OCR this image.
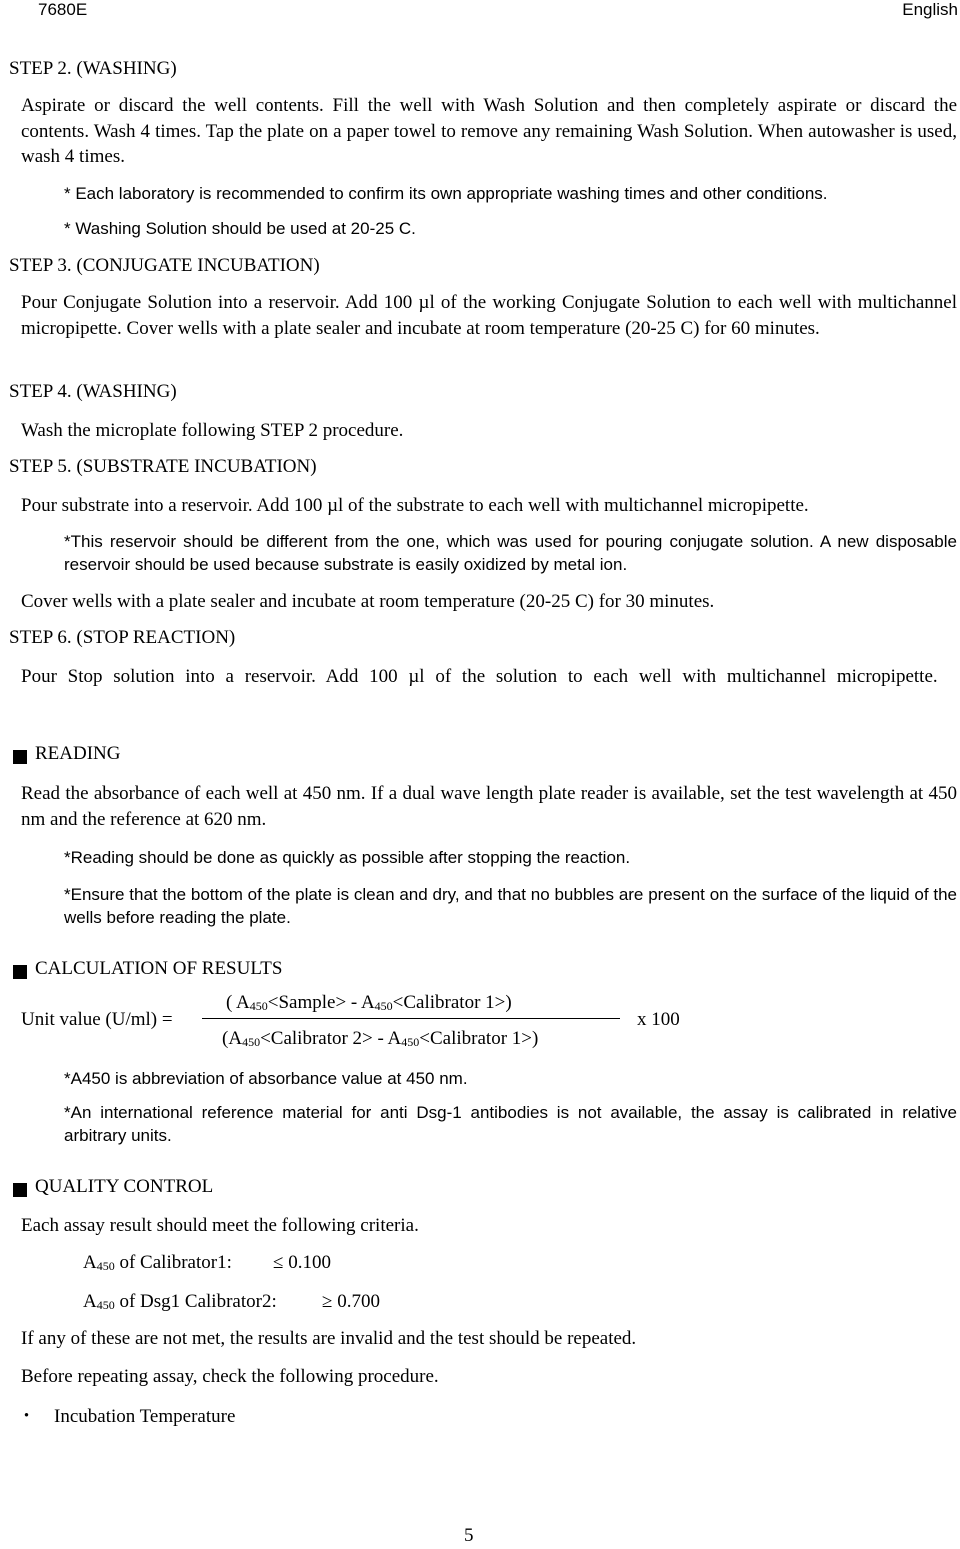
7680E	English
STEP 2. (WASHING)
Aspirate or discard the well contents. Fill the well with Wash Solution and then completely aspirate or discard the contents. Wash 4 times. Tap the plate on a paper towel to remove any remaining Wash Solution. When autowasher is used, wash 4 times.
* Each laboratory is recommended to confirm its own appropriate washing times and other conditions.
* Washing Solution should be used at 20-25 C.
STEP 3. (CONJUGATE INCUBATION)
Pour Conjugate Solution into a reservoir. Add 100 µl of the working Conjugate Solution to each well with multichannel micropipette. Cover wells with a plate sealer and incubate at room temperature (20-25 C) for 60 minutes.
STEP 4. (WASHING)
Wash the microplate following STEP 2 procedure.
STEP 5. (SUBSTRATE INCUBATION)
Pour substrate into a reservoir. Add 100 µl of the substrate to each well with multichannel micropipette.
*This reservoir should be different from the one, which was used for pouring conjugate solution. A new disposable reservoir should be used because substrate is easily oxidized by metal ion.
Cover wells with a plate sealer and incubate at room temperature (20-25 C) for 30 minutes.
STEP 6. (STOP REACTION)
Pour Stop solution into a reservoir. Add 100 µl of the solution to each well with multichannel micropipette.
READING
Read the absorbance of each well at 450 nm. If a dual wave length plate reader is available, set the test wavelength at 450 nm and the reference at 620 nm.
*Reading should be done as quickly as possible after stopping the reaction.
*Ensure that the bottom of the plate is clean and dry, and that no bubbles are present on the surface of the liquid of the wells before reading the plate.
CALCULATION OF RESULTS
Unit value (U/ml) =
( $A_{450}<Sample>$ - $A_{450}<Calibrator$ 1>)
($A_{450}<Calibrator$ $2> - A_{450}<Calibrator$ 1>)
x 100
*A450 is abbreviation of absorbance value at 450 nm.
*An international reference material for anti Dsg-1 antibodies is not available, the assay is calibrated in relative arbitrary units.
QUALITY CONTROL
Each assay result should meet the following criteria.
$A_{450}$ of Calibrator1: ≤ 0.100
$A_{450}$ of Dsg1 Calibrator2: ≥ 0.700
If any of these are not met, the results are invalid and the test should be repeated.
Before repeating assay, check the following procedure.
・ Incubation Temperature
5
